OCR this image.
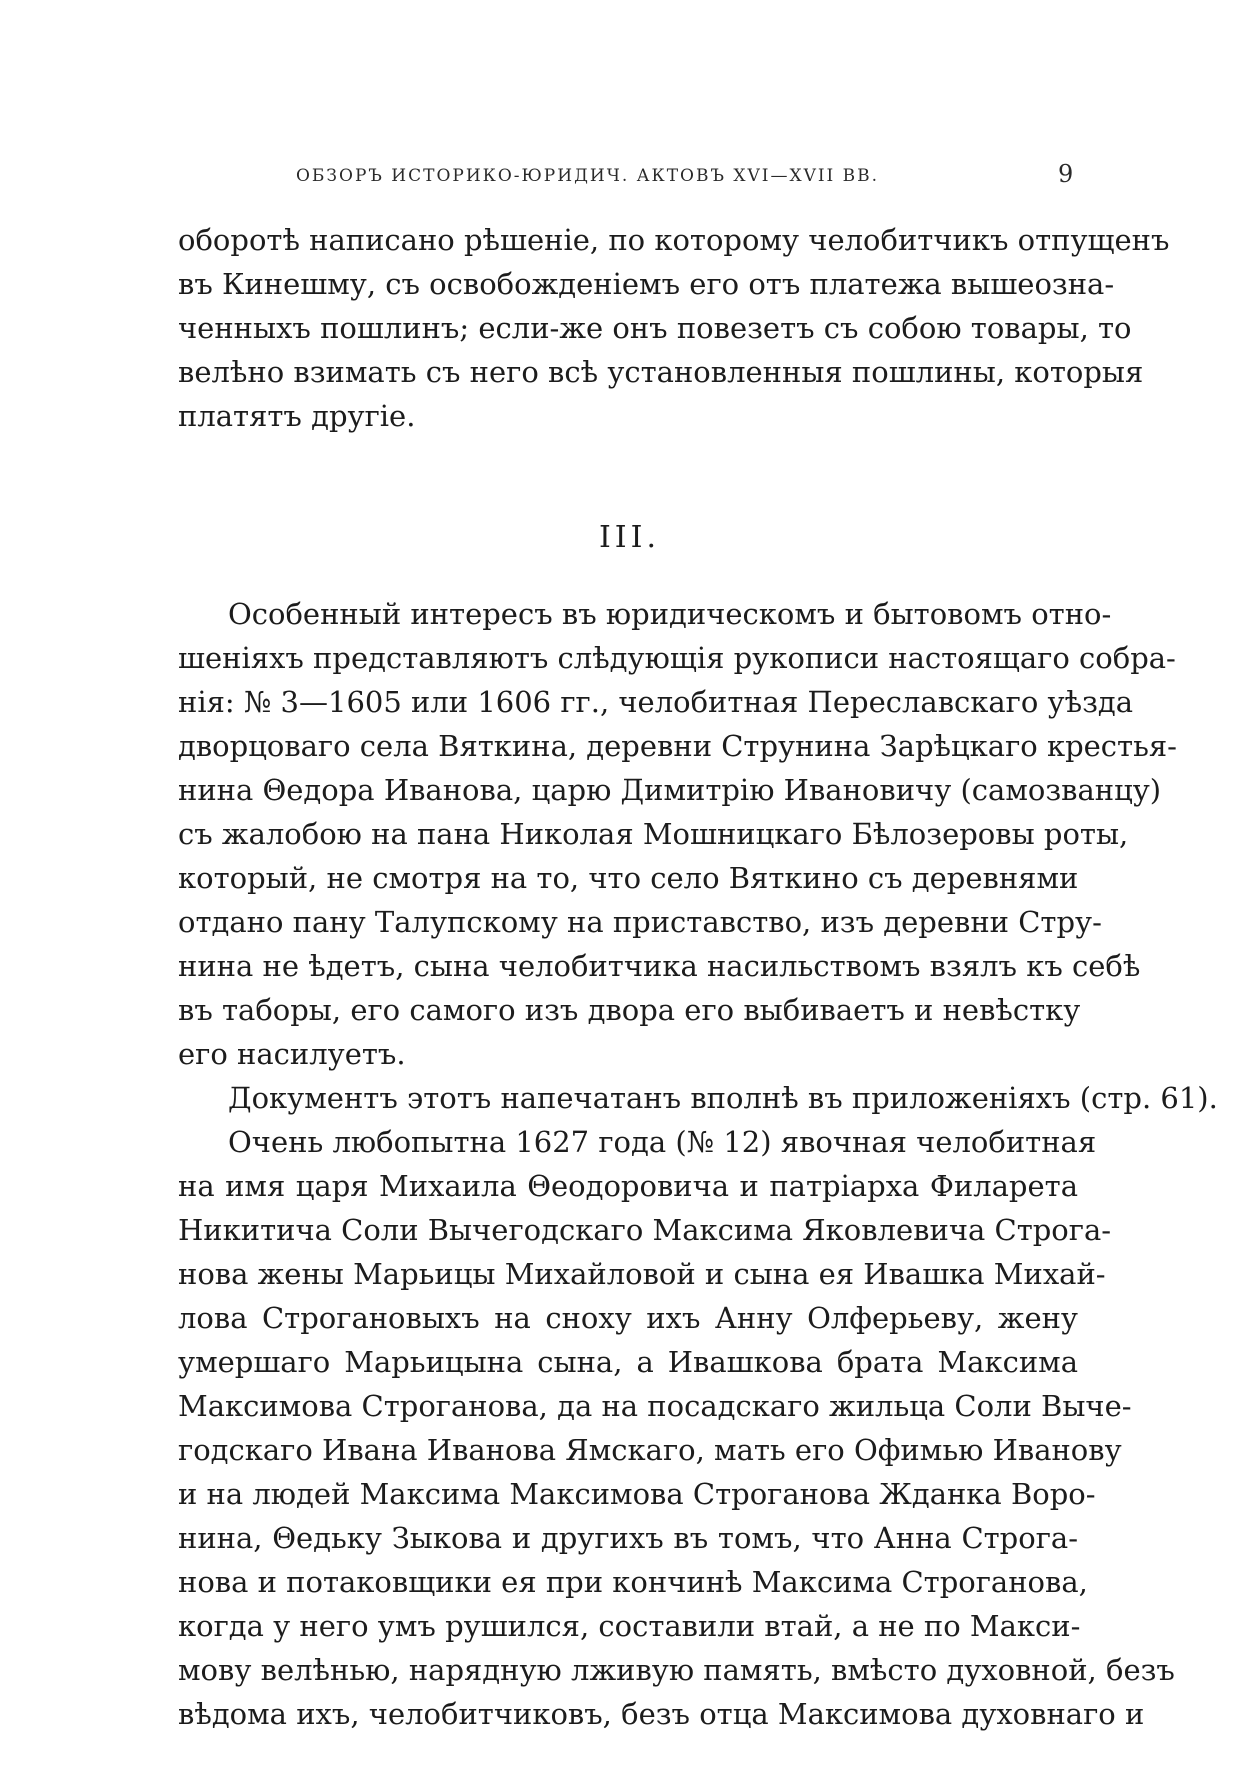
ОБЗОРЪ ИСТОРИКО-ЮРИДИЧ. АКТОВЪ XVI—XVII ВВ.	9
оборотѣ написано рѣшеніе, по которому челобитчикъ отпущенъ
въ Кинешму, съ освобожденіемъ его отъ платежа вышеозна-
ченныхъ пошлинъ; если-же онъ повезетъ съ собою товары, то
велѣно взимать съ него всѣ установленныя пошлины, которыя
платятъ другіе.
III.
Особенный интересъ въ юридическомъ и бытовомъ отно-
шеніяхъ представляютъ слѣдующія рукописи настоящаго собра-
нія: № 3—1605 или 1606 гг., челобитная Переславскаго уѣзда
дворцоваго села Вяткина, деревни Струнина Зарѣцкаго крестья-
нина Θедора Иванова, царю Димитрію Ивановичу (самозванцу)
съ жалобою на пана Николая Мошницкаго Бѣлозеровы роты,
который, не смотря на то, что село Вяткино съ деревнями
отдано пану Талупскому на приставство, изъ деревни Стру-
нина не ѣдетъ, сына челобитчика насильствомъ взялъ къ себѣ
въ таборы, его самого изъ двора его выбиваетъ и невѣстку
его насилуетъ.
Документъ этотъ напечатанъ вполнѣ въ приложеніяхъ (стр. 61).
Очень любопытна 1627 года (№ 12) явочная челобитная
на имя царя Михаила Θеодоровича и патріарха Филарета
Никитича Соли Вычегодскаго Максима Яковлевича Строга-
нова жены Марьицы Михайловой и сына ея Ивашка Михай-
лова Строгановыхъ на сноху ихъ Анну Олферьеву, жену
умершаго Марьицына сына, а Ивашкова брата Максима
Максимова Строганова, да на посадскаго жильца Соли Выче-
годскаго Ивана Иванова Ямскаго, мать его Офимью Иванову
и на людей Максима Максимова Строганова Жданка Воро-
нина, Θедьку Зыкова и другихъ въ томъ, что Анна Строга-
нова и потаковщики ея при кончинѣ Максима Строганова,
когда у него умъ рушился, составили втай, а не по Макси-
мову велѣнью, нарядную лживую память, вмѣсто духовной, безъ
вѣдома ихъ, челобитчиковъ, безъ отца Максимова духовнаго и
